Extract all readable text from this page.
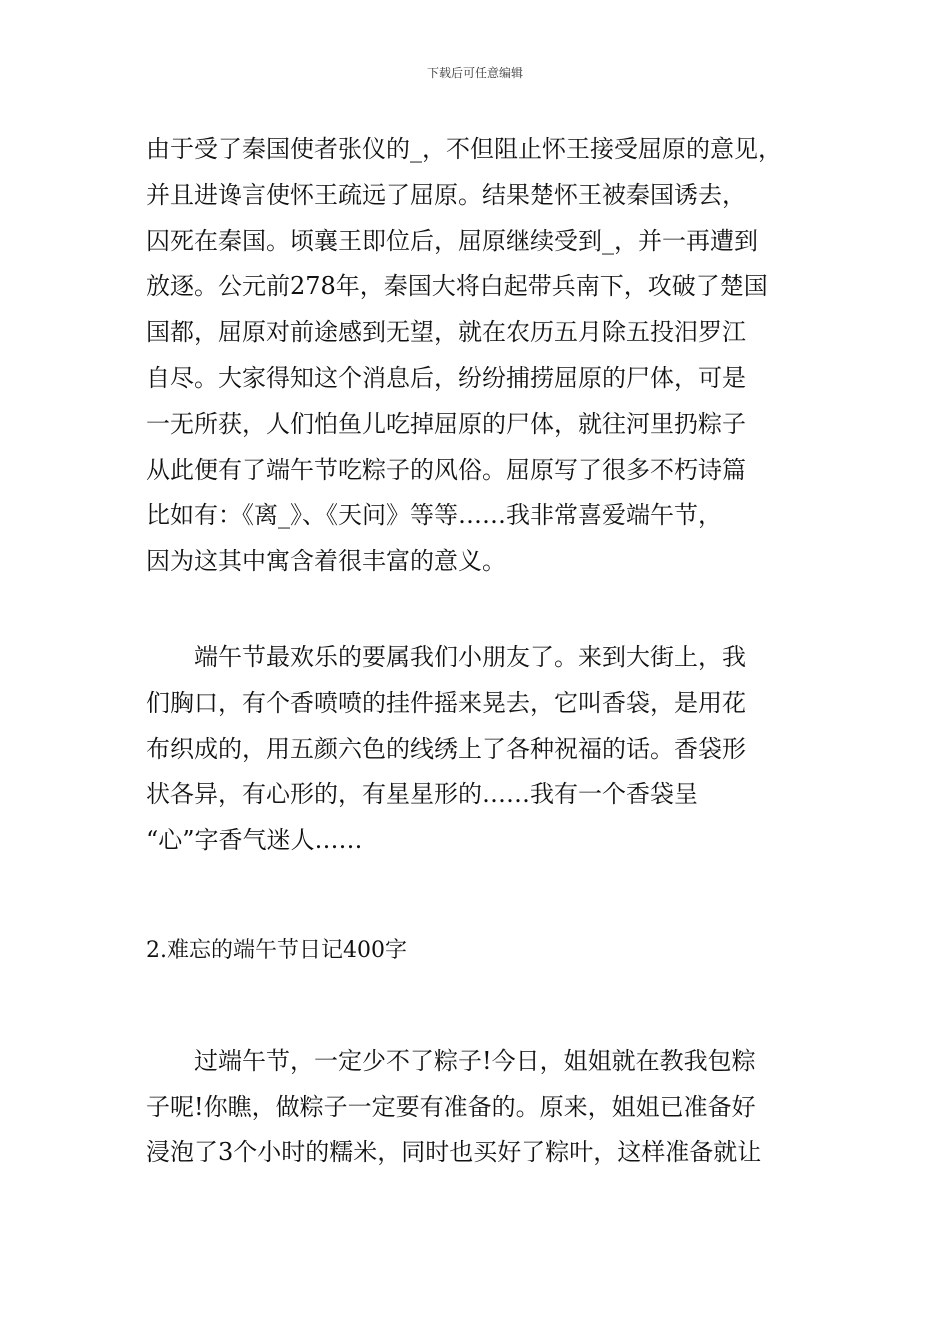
下载后可任意编辑
由于受了秦国使者张仪的_，不但阻止怀王接受屈原的意见，
并且进谗言使怀王疏远了屈原。结果楚怀王被秦国诱去，
囚死在秦国。顷襄王即位后，屈原继续受到_，并一再遭到
放逐。公元前278年，秦国大将白起带兵南下，攻破了楚国
国都，屈原对前途感到无望，就在农历五月除五投汨罗江
自尽。大家得知这个消息后，纷纷捕捞屈原的尸体，可是
一无所获，人们怕鱼儿吃掉屈原的尸体，就往河里扔粽子
从此便有了端午节吃粽子的风俗。屈原写了很多不朽诗篇
比如有：《离_》、《天问》等等……我非常喜爱端午节，
因为这其中寓含着很丰富的意义。
端午节最欢乐的要属我们小朋友了。来到大街上，我
们胸口，有个香喷喷的挂件摇来晃去，它叫香袋，是用花
布织成的，用五颜六色的线绣上了各种祝福的话。香袋形
状各异，有心形的，有星星形的……我有一个香袋呈
“心”字香气迷人……
2.难忘的端午节日记400字
过端午节，一定少不了粽子!今日，姐姐就在教我包粽
子呢!你瞧，做粽子一定要有准备的。原来，姐姐已准备好
浸泡了3个小时的糯米，同时也买好了粽叶，这样准备就让
